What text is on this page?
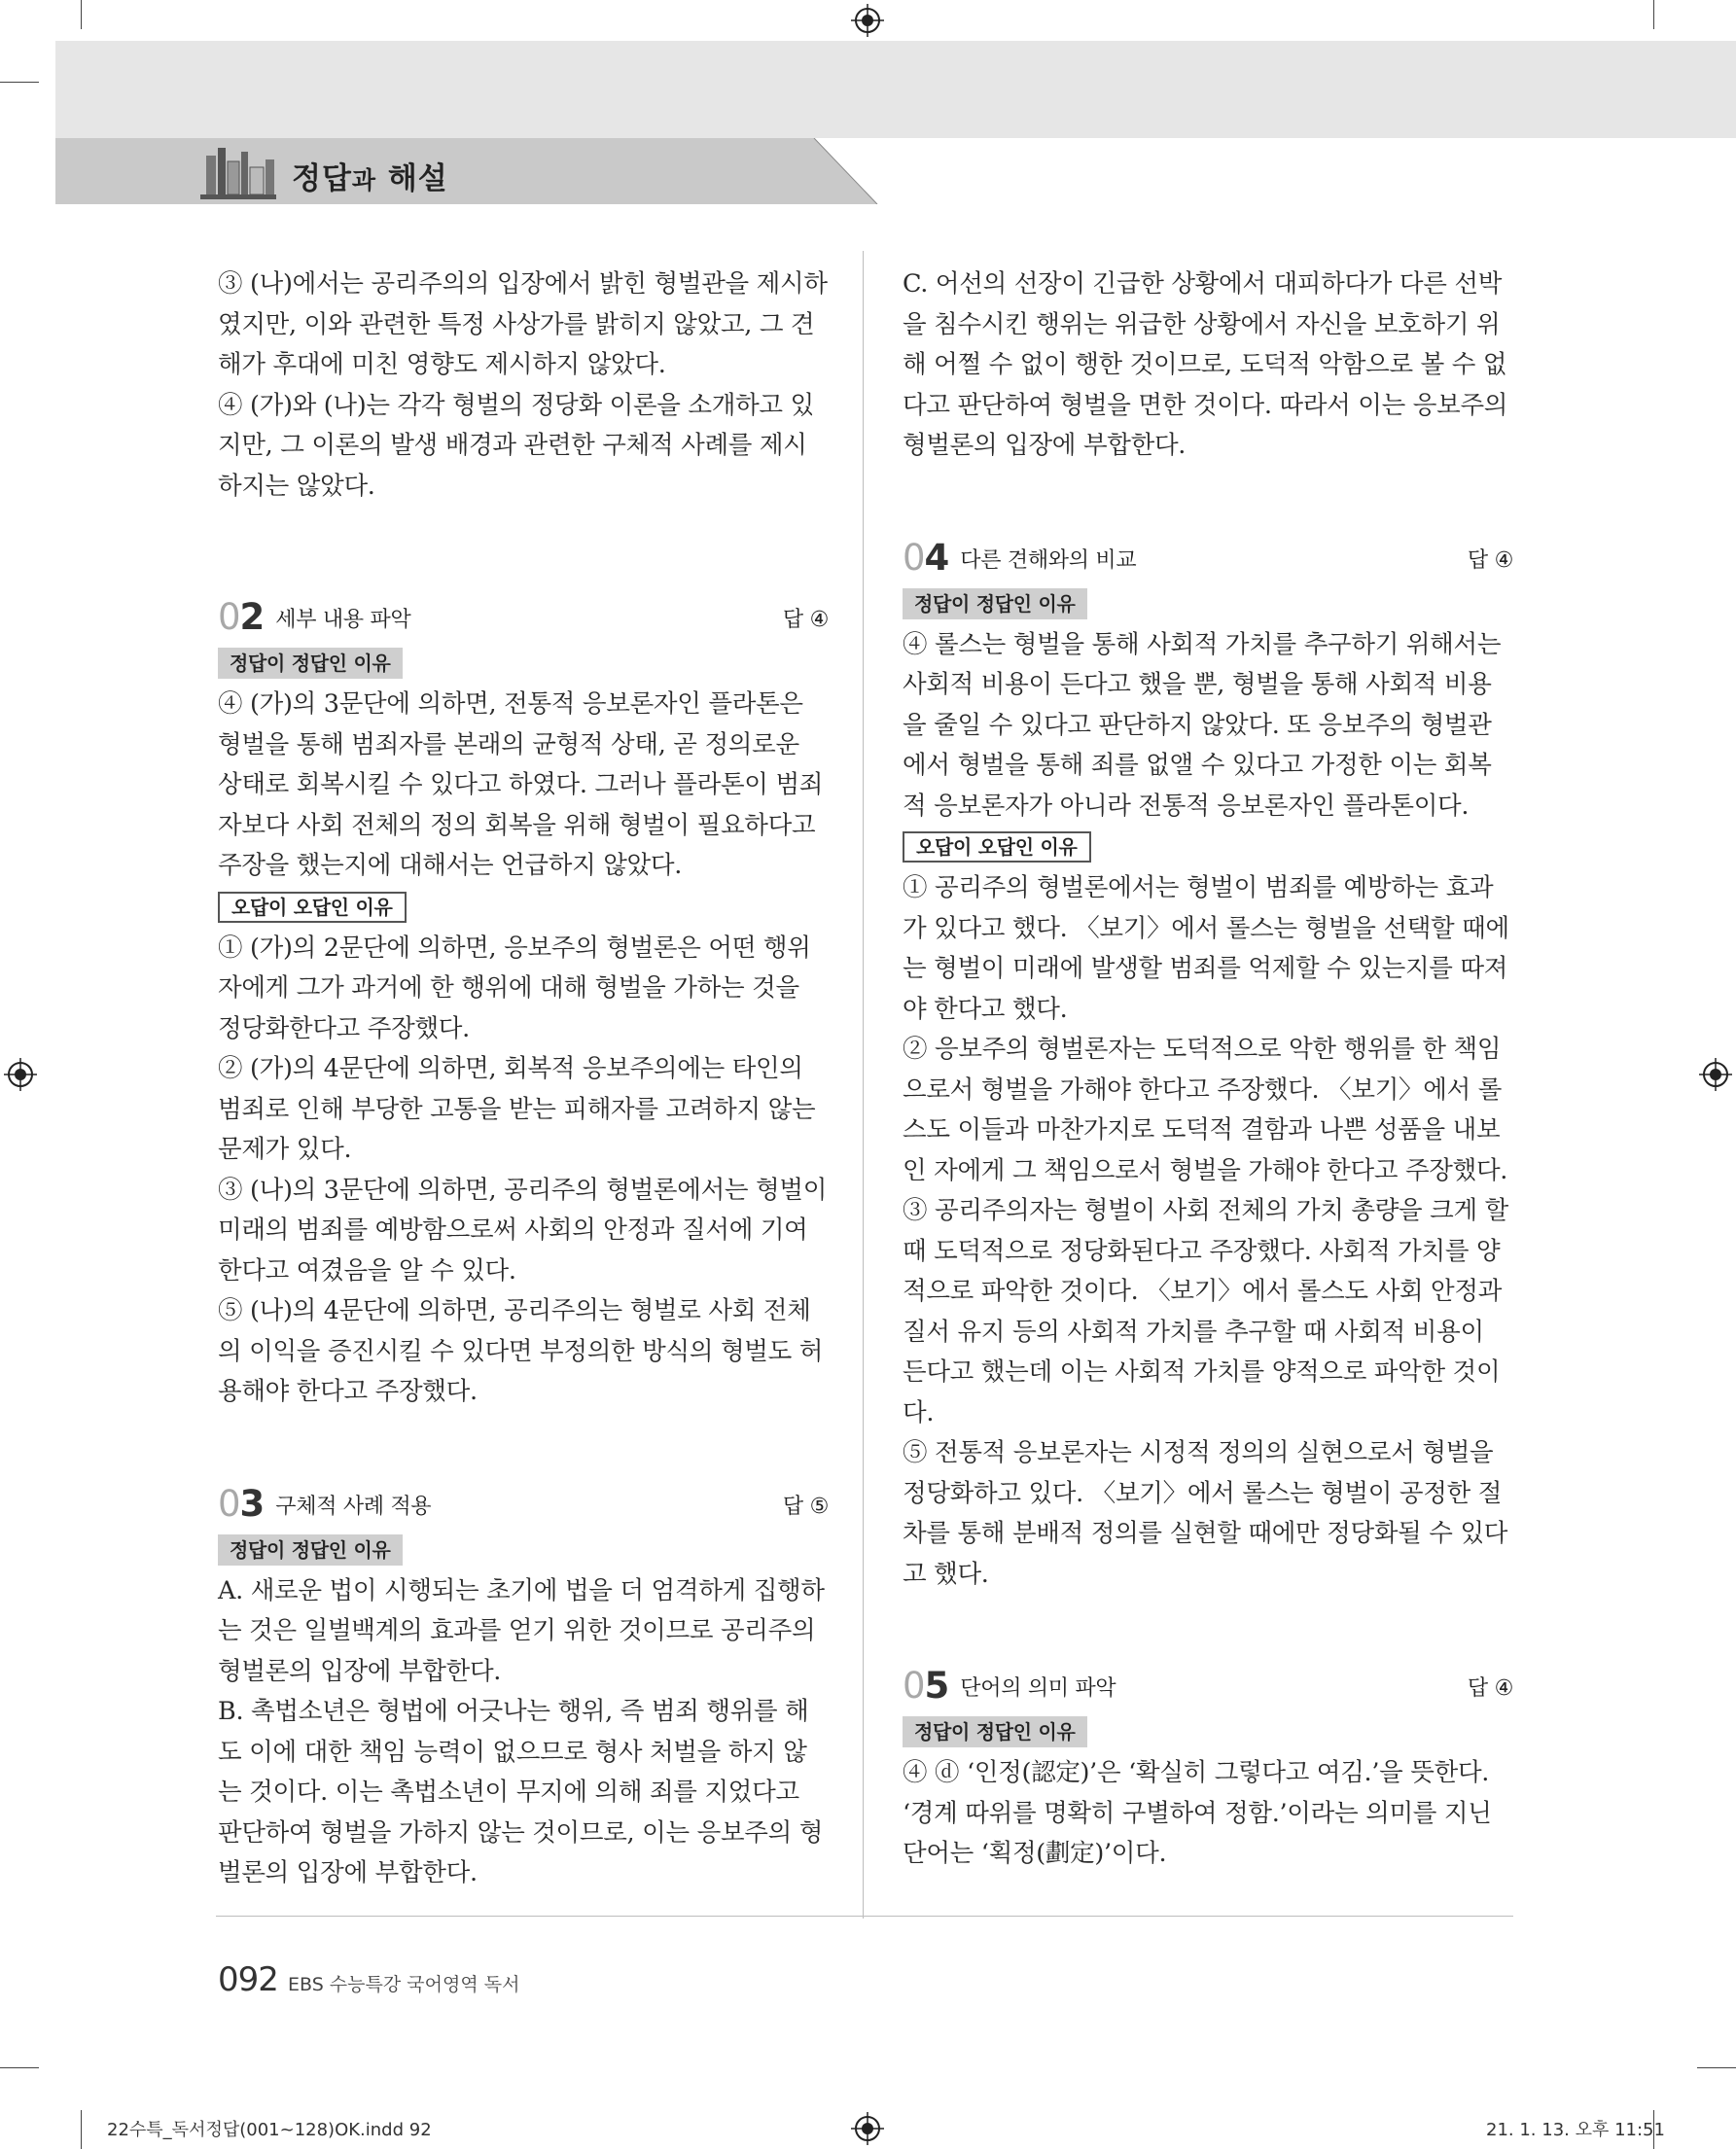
정답과 해설

③ (나)에서는 공리주의의 입장에서 밝힌 형벌관을 제시하였지만, 이와 관련한 특정 사상가를 밝히지 않았고, 그 견해가 후대에 미친 영향도 제시하지 않았다.

④ (가)와 (나)는 각각 형벌의 정당화 이론을 소개하고 있지만, 그 이론의 발생 배경과 관련한 구체적 사례를 제시하지는 않았다.

02 세부 내용 파악	답 ④
정답이 정답인 이유

④ (가)의 3문단에 의하면, 전통적 응보론자인 플라톤은 형벌을 통해 범죄자를 본래의 균형적 상태, 곧 정의로운 상태로 회복시킬 수 있다고 하였다. 그러나 플라톤이 범죄자보다 사회 전체의 정의 회복을 위해 형벌이 필요하다고 주장을 했는지에 대해서는 언급하지 않았다.

오답이 오답인 이유

① (가)의 2문단에 의하면, 응보주의 형벌론은 어떤 행위자에게 그가 과거에 한 행위에 대해 형벌을 가하는 것을 정당화한다고 주장했다.

② (가)의 4문단에 의하면, 회복적 응보주의에는 타인의 범죄로 인해 부당한 고통을 받는 피해자를 고려하지 않는 문제가 있다.

③ (나)의 3문단에 의하면, 공리주의 형벌론에서는 형벌이 미래의 범죄를 예방함으로써 사회의 안정과 질서에 기여한다고 여겼음을 알 수 있다.

⑤ (나)의 4문단에 의하면, 공리주의는 형벌로 사회 전체의 이익을 증진시킬 수 있다면 부정의한 방식의 형벌도 허용해야 한다고 주장했다.

03 구체적 사례 적용	답 ⑤
정답이 정답인 이유

A. 새로운 법이 시행되는 초기에 법을 더 엄격하게 집행하는 것은 일벌백계의 효과를 얻기 위한 것이므로 공리주의 형벌론의 입장에 부합한다.

B. 촉법소년은 형법에 어긋나는 행위, 즉 범죄 행위를 해도 이에 대한 책임 능력이 없으므로 형사 처벌을 하지 않는 것이다. 이는 촉법소년이 무지에 의해 죄를 지었다고 판단하여 형벌을 가하지 않는 것이므로, 이는 응보주의 형벌론의 입장에 부합한다.

C. 어선의 선장이 긴급한 상황에서 대피하다가 다른 선박을 침수시킨 행위는 위급한 상황에서 자신을 보호하기 위해 어쩔 수 없이 행한 것이므로, 도덕적 악함으로 볼 수 없다고 판단하여 형벌을 면한 것이다. 따라서 이는 응보주의 형벌론의 입장에 부합한다.

04 다른 견해와의 비교	답 ④
정답이 정답인 이유

④ 롤스는 형벌을 통해 사회적 가치를 추구하기 위해서는 사회적 비용이 든다고 했을 뿐, 형벌을 통해 사회적 비용을 줄일 수 있다고 판단하지 않았다. 또 응보주의 형벌관에서 형벌을 통해 죄를 없앨 수 있다고 가정한 이는 회복적 응보론자가 아니라 전통적 응보론자인 플라톤이다.

오답이 오답인 이유

① 공리주의 형벌론에서는 형벌이 범죄를 예방하는 효과가 있다고 했다. 〈보기〉에서 롤스는 형벌을 선택할 때에는 형벌이 미래에 발생할 범죄를 억제할 수 있는지를 따져야 한다고 했다.

② 응보주의 형벌론자는 도덕적으로 악한 행위를 한 책임으로서 형벌을 가해야 한다고 주장했다. 〈보기〉에서 롤스도 이들과 마찬가지로 도덕적 결함과 나쁜 성품을 내보인 자에게 그 책임으로서 형벌을 가해야 한다고 주장했다.

③ 공리주의자는 형벌이 사회 전체의 가치 총량을 크게 할 때 도덕적으로 정당화된다고 주장했다. 사회적 가치를 양적으로 파악한 것이다. 〈보기〉에서 롤스도 사회 안정과 질서 유지 등의 사회적 가치를 추구할 때 사회적 비용이 든다고 했는데 이는 사회적 가치를 양적으로 파악한 것이다.

⑤ 전통적 응보론자는 시정적 정의의 실현으로서 형벌을 정당화하고 있다. 〈보기〉에서 롤스는 형벌이 공정한 절차를 통해 분배적 정의를 실현할 때에만 정당화될 수 있다고 했다.

05 단어의 의미 파악	답 ④
정답이 정답인 이유

④ ⓓ ‘인정(認定)’은 ‘확실히 그렇다고 여김.’을 뜻한다. ‘경계 따위를 명확히 구별하여 정함.’이라는 의미를 지닌 단어는 ‘획정(劃定)’이다.

092 EBS 수능특강 국어영역 독서
22수특_독서정답(001~128)OK.indd 92	21. 1. 13. 오후 11:51
